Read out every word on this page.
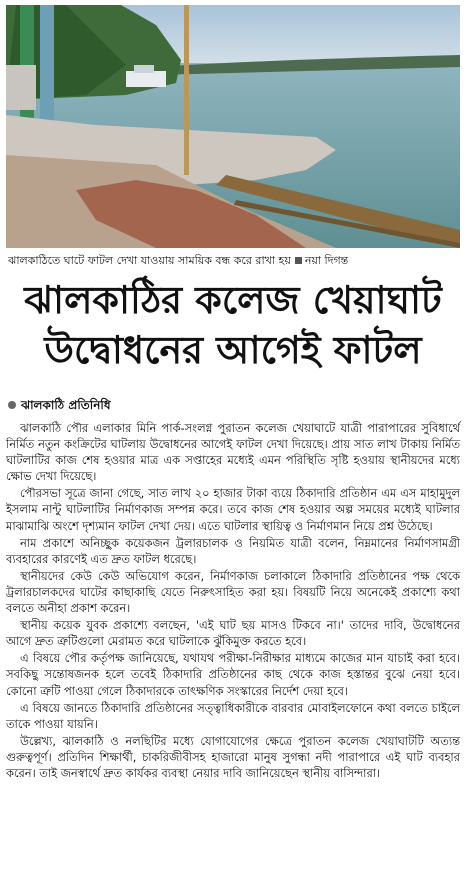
ঝালকাঠিতে ঘাটে ফাটল দেখা যাওয়ায় সাময়িক বন্ধ করে রাখা হয় নয়া দিগন্ত
ঝালকাঠির কলেজ খেয়াঘাট
উদ্বোধনের আগেই ফাটল
ঝালকাঠি প্রতিনিধি

ঝালকাঠি পৌর এলাকার মিনি পার্ক-সংলগ্ন পুরাতন কলেজ খেয়াঘাটে যাত্রী পারাপারের সুবিধার্থে নির্মিত নতুন কংক্রিটের ঘাটলায় উদ্বোধনের আগেই ফাটল দেখা দিয়েছে। প্রায় সাত লাখ টাকায় নির্মিত ঘাটলাটির কাজ শেষ হওয়ার মাত্র এক সপ্তাহের মধ্যেই এমন পরিস্থিতি সৃষ্টি হওয়ায় স্থানীয়দের মধ্যে ক্ষোভ দেখা দিয়েছে।

পৌরসভা সূত্রে জানা গেছে, সাত লাখ ২০ হাজার টাকা ব্যয়ে ঠিকাদারি প্রতিষ্ঠান এম এস মাহামুদুল ইসলাম নান্টু ঘাটলাটির নির্মাণকাজ সম্পন্ন করে। তবে কাজ শেষ হওয়ার অল্প সময়ের মধ্যেই ঘাটলার মাঝামাঝি অংশে দৃশ্যমান ফাটল দেখা দেয়। এতে ঘাটলার স্থায়িত্ব ও নির্মাণমান নিয়ে প্রশ্ন উঠেছে।

নাম প্রকাশে অনিচ্ছুক কয়েকজন ট্রলারচালক ও নিয়মিত যাত্রী বলেন, নিম্নমানের নির্মাণসামগ্রী ব্যবহারের কারণেই এত দ্রুত ফাটল ধরেছে।

স্থানীয়দের কেউ কেউ অভিযোগ করেন, নির্মাণকাজ চলাকালে ঠিকাদারি প্রতিষ্ঠানের পক্ষ থেকে ট্রলারচালকদের ঘাটের কাছাকাছি যেতে নিরুৎসাহিত করা হয়। বিষয়টি নিয়ে অনেকেই প্রকাশ্যে কথা বলতে অনীহা প্রকাশ করেন।

স্থানীয় কয়েক যুবক প্রকাশ্যে বলছেন, 'এই ঘাট ছয় মাসও টিকবে না।' তাদের দাবি, উদ্বোধনের আগে দ্রুত ত্রুটিগুলো মেরামত করে ঘাটলাকে ঝুঁকিমুক্ত করতে হবে।

এ বিষয়ে পৌর কর্তৃপক্ষ জানিয়েছে, যথাযথ পরীক্ষা-নিরীক্ষার মাধ্যমে কাজের মান যাচাই করা হবে। সবকিছু সন্তোষজনক হলে তবেই ঠিকাদারি প্রতিষ্ঠানের কাছ থেকে কাজ হস্তান্তর বুঝে নেয়া হবে। কোনো ত্রুটি পাওয়া গেলে ঠিকাদারকে তাৎক্ষণিক সংস্কারের নির্দেশ দেয়া হবে।

এ বিষয়ে জানতে ঠিকাদারি প্রতিষ্ঠানের সত্ত্বাধিকারীকে বারবার মোবাইলফোনে কথা বলতে চাইলে তাকে পাওয়া যায়নি।

উল্লেখ্য, ঝালকাঠি ও নলছিটির মধ্যে যোগাযোগের ক্ষেত্রে পুরাতন কলেজ খেয়াঘাটটি অত্যন্ত গুরুত্বপূর্ণ। প্রতিদিন শিক্ষার্থী, চাকরিজীবীসহ হাজারো মানুষ সুগন্ধা নদী পারাপারে এই ঘাট ব্যবহার করেন। তাই জনস্বার্থে দ্রুত কার্যকর ব্যবস্থা নেয়ার দাবি জানিয়েছেন স্থানীয় বাসিন্দারা।
